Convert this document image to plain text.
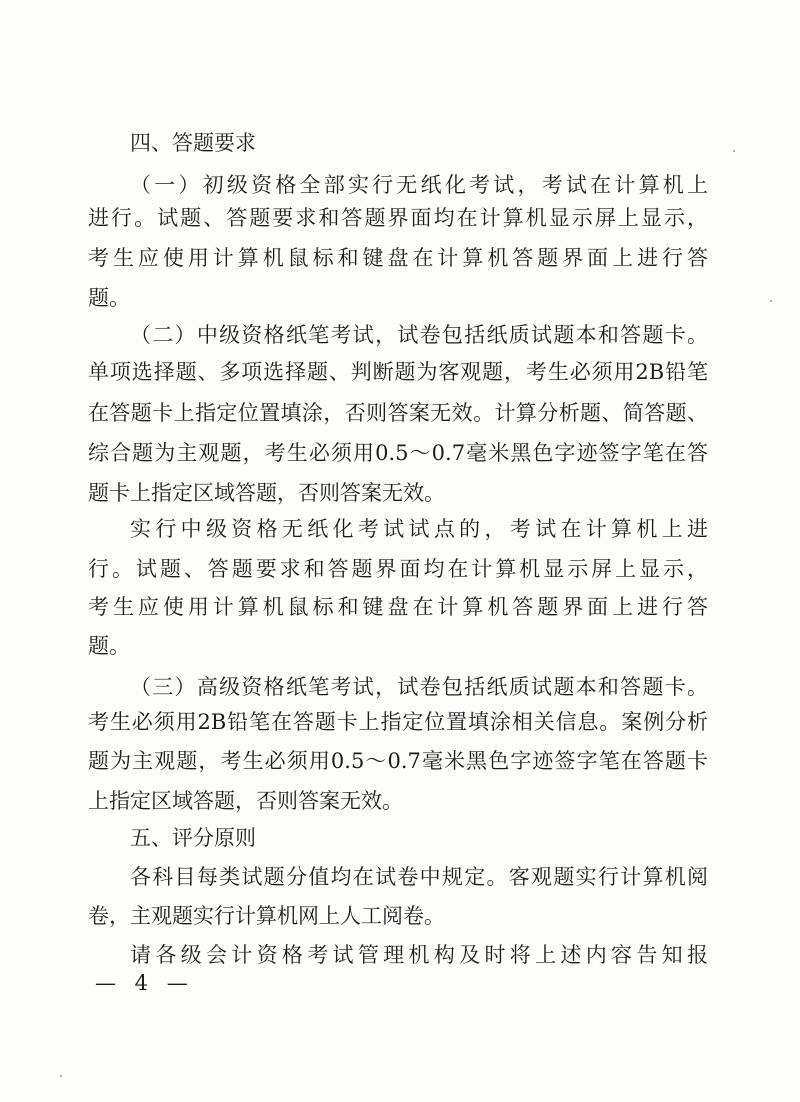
四、答题要求
（一）初级资格全部实行无纸化考试，考试在计算机上
进行。试题、答题要求和答题界面均在计算机显示屏上显示，
考生应使用计算机鼠标和键盘在计算机答题界面上进行答
题。
（二）中级资格纸笔考试，试卷包括纸质试题本和答题卡。
单项选择题、多项选择题、判断题为客观题，考生必须用2B铅笔
在答题卡上指定位置填涂，否则答案无效。计算分析题、简答题、
综合题为主观题，考生必须用0.5～0.7毫米黑色字迹签字笔在答
题卡上指定区域答题，否则答案无效。
实行中级资格无纸化考试试点的，考试在计算机上进
行。试题、答题要求和答题界面均在计算机显示屏上显示，
考生应使用计算机鼠标和键盘在计算机答题界面上进行答
题。
（三）高级资格纸笔考试，试卷包括纸质试题本和答题卡。
考生必须用2B铅笔在答题卡上指定位置填涂相关信息。案例分析
题为主观题，考生必须用0.5～0.7毫米黑色字迹签字笔在答题卡
上指定区域答题，否则答案无效。
五、评分原则
各科目每类试题分值均在试卷中规定。客观题实行计算机阅
卷，主观题实行计算机网上人工阅卷。
请各级会计资格考试管理机构及时将上述内容告知报
— 4 —
